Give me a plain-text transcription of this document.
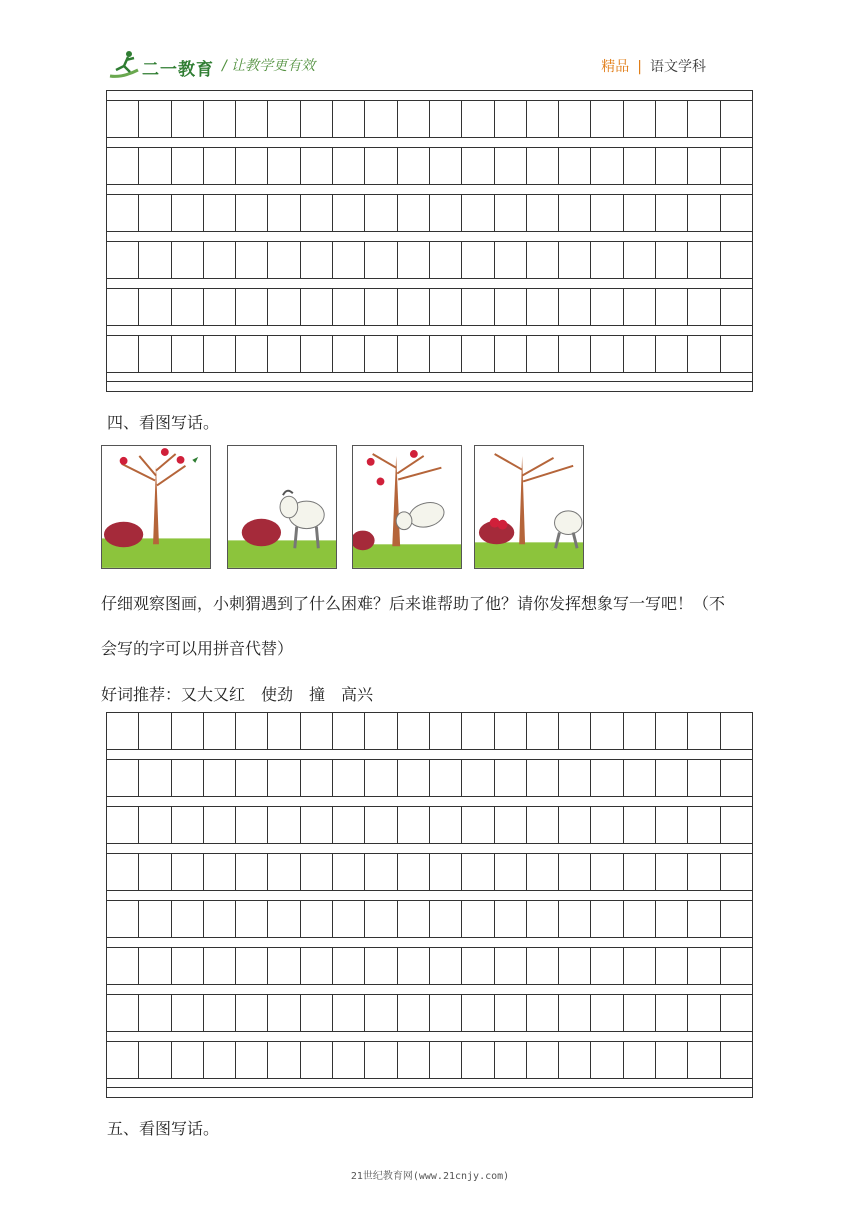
二一教育 / 让教学更有效	精品 | 语文学科
四、看图写话。
仔细观察图画，小刺猬遇到了什么困难？后来谁帮助了他？请你发挥想象写一写吧！（不
会写的字可以用拼音代替）
好词推荐：又大又红　使劲　撞　高兴
五、看图写话。
21世纪教育网(www.21cnjy.com)
